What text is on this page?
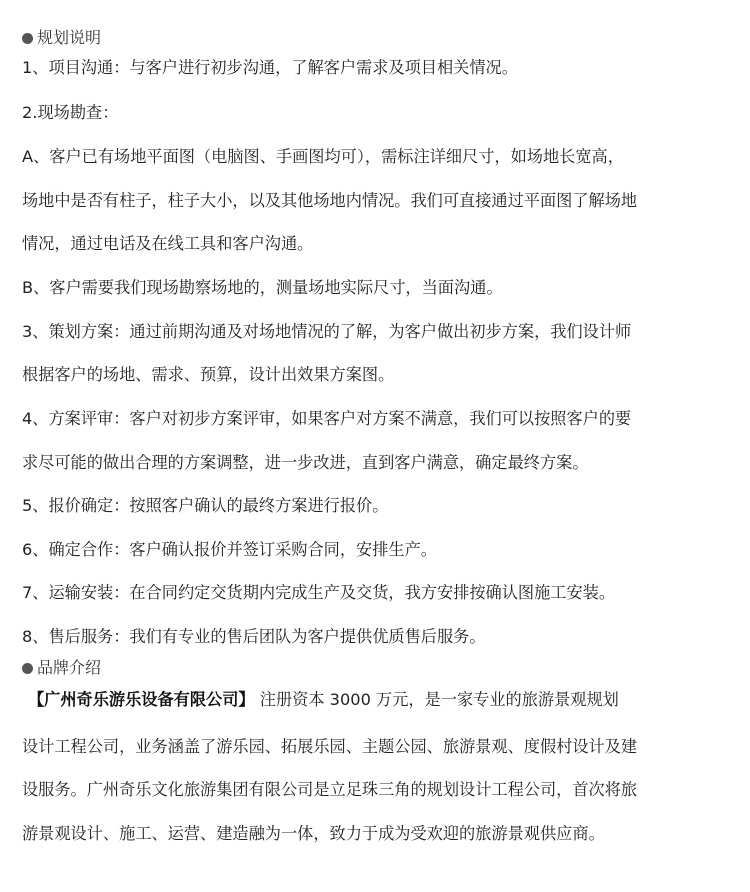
规划说明
1、项目沟通：与客户进行初步沟通，了解客户需求及项目相关情况。
2.现场勘查：
A、客户已有场地平面图（电脑图、手画图均可），需标注详细尺寸，如场地长宽高，
场地中是否有柱子，柱子大小，以及其他场地内情况。我们可直接通过平面图了解场地
情况，通过电话及在线工具和客户沟通。
B、客户需要我们现场勘察场地的，测量场地实际尺寸，当面沟通。
3、策划方案：通过前期沟通及对场地情况的了解，为客户做出初步方案，我们设计师
根据客户的场地、需求、预算，设计出效果方案图。
4、方案评审：客户对初步方案评审，如果客户对方案不满意，我们可以按照客户的要
求尽可能的做出合理的方案调整，进一步改进，直到客户满意，确定最终方案。
5、报价确定：按照客户确认的最终方案进行报价。
6、确定合作：客户确认报价并签订采购合同，安排生产。
7、运输安装：在合同约定交货期内完成生产及交货，我方安排按确认图施工安装。
8、售后服务：我们有专业的售后团队为客户提供优质售后服务。
品牌介绍
【广州奇乐游乐设备有限公司】 注册资本 3000 万元，是一家专业的旅游景观规划
设计工程公司，业务涵盖了游乐园、拓展乐园、主题公园、旅游景观、度假村设计及建
设服务。广州奇乐文化旅游集团有限公司是立足珠三角的规划设计工程公司，首次将旅
游景观设计、施工、运营、建造融为一体，致力于成为受欢迎的旅游景观供应商。
